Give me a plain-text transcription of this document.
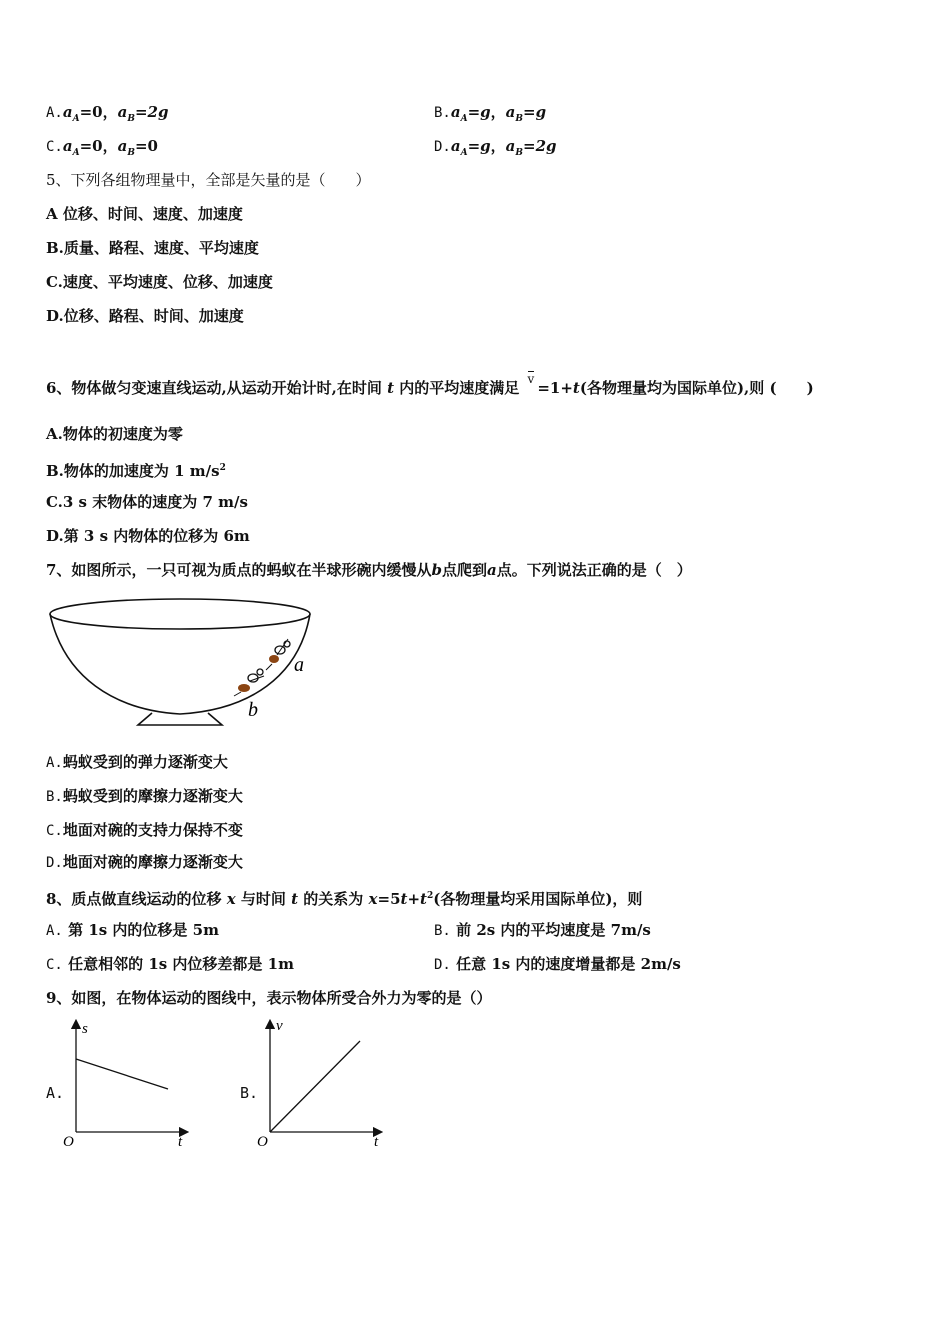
$A.a_A=0$，$a_B=2g$	$B.a_A=g$，$a_B=g$
$C.a_A=0$，$a_B=0$	$D.a_A=g$，$a_B=2g$
5、下列各组物理量中，全部是矢量的是（　　）
A 位移、时间、速度、加速度
B.质量、路程、速度、平均速度
C.速度、平均速度、位移、加速度
D.位移、路程、时间、加速度
6、物体做匀变速直线运动,从运动开始计时,在时间 t 内的平均速度满足 v =1+t(各物理量均为国际单位),则 (　　)
A.物体的初速度为零
B.物体的加速度为 1 $m/s^2$
C.3 s 末物体的速度为 7 m/s
D.第 3 s 内物体的位移为 6m
7、如图所示，一只可视为质点的蚂蚁在半球形碗内缓慢从b点爬到a点。下列说法正确的是（　）
a
b
A.蚂蚁受到的弹力逐渐变大
B.蚂蚁受到的摩擦力逐渐变大
C.地面对碗的支持力保持不变
D.地面对碗的摩擦力逐渐变大
8、质点做直线运动的位移 x 与时间 t 的关系为 $x=5t+t^2$(各物理量均采用国际单位)，则
A. 第 1s 内的位移是 5m	B. 前 2s 内的平均速度是 7m/s
C. 任意相邻的 1s 内位移差都是 1m	D. 任意 1s 内的速度增量都是 2m/s
9、如图，在物体运动的图线中，表示物体所受合外力为零的是（）
A.
s
t
O
B.
v
t
O
